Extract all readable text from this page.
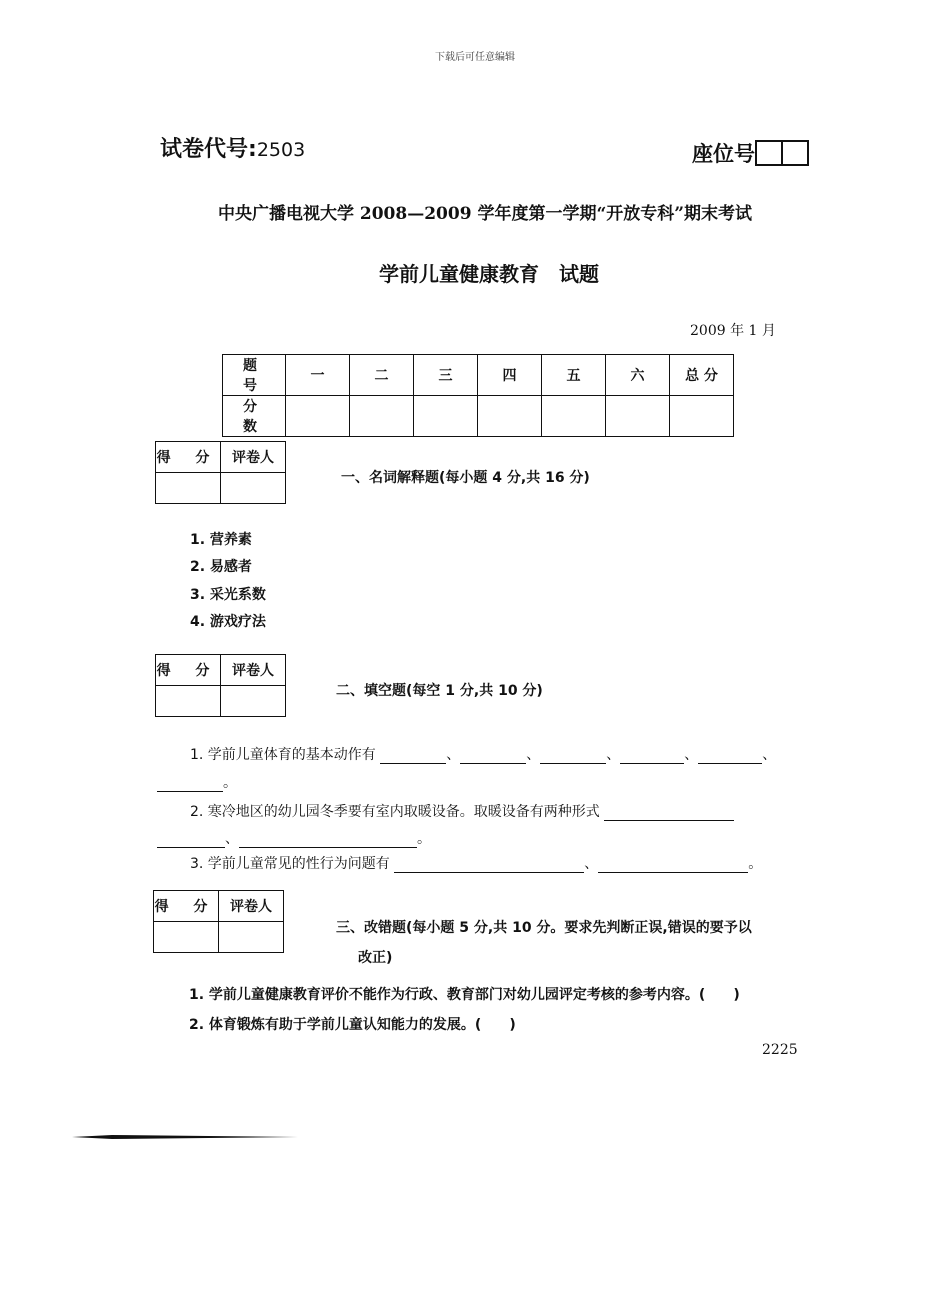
下载后可任意编辑
试卷代号:2503	座位号
中央广播电视大学 2008—2009 学年度第一学期“开放专科”期末考试
学前儿童健康教育　试题
2009 年 1 月
题　号	一	二	三	四	五	六	总 分
分　数							
得 分	评卷人

一、名词解释题(每小题 4 分,共 16 分)
1. 营养素
2. 易感者
3. 采光系数
4. 游戏疗法
得 分	评卷人

二、填空题(每空 1 分,共 10 分)
1. 学前儿童体育的基本动作有	、	、	、	、	、
。
2. 寒冷地区的幼儿园冬季要有室内取暖设备。取暖设备有两种形式
、	。
3. 学前儿童常见的性行为问题有	、	。
得 分	评卷人

三、改错题(每小题 5 分,共 10 分。要求先判断正误,错误的要予以
改正)
1. 学前儿童健康教育评价不能作为行政、教育部门对幼儿园评定考核的参考内容。(　　)
2. 体育锻炼有助于学前儿童认知能力的发展。(　　)
2225
